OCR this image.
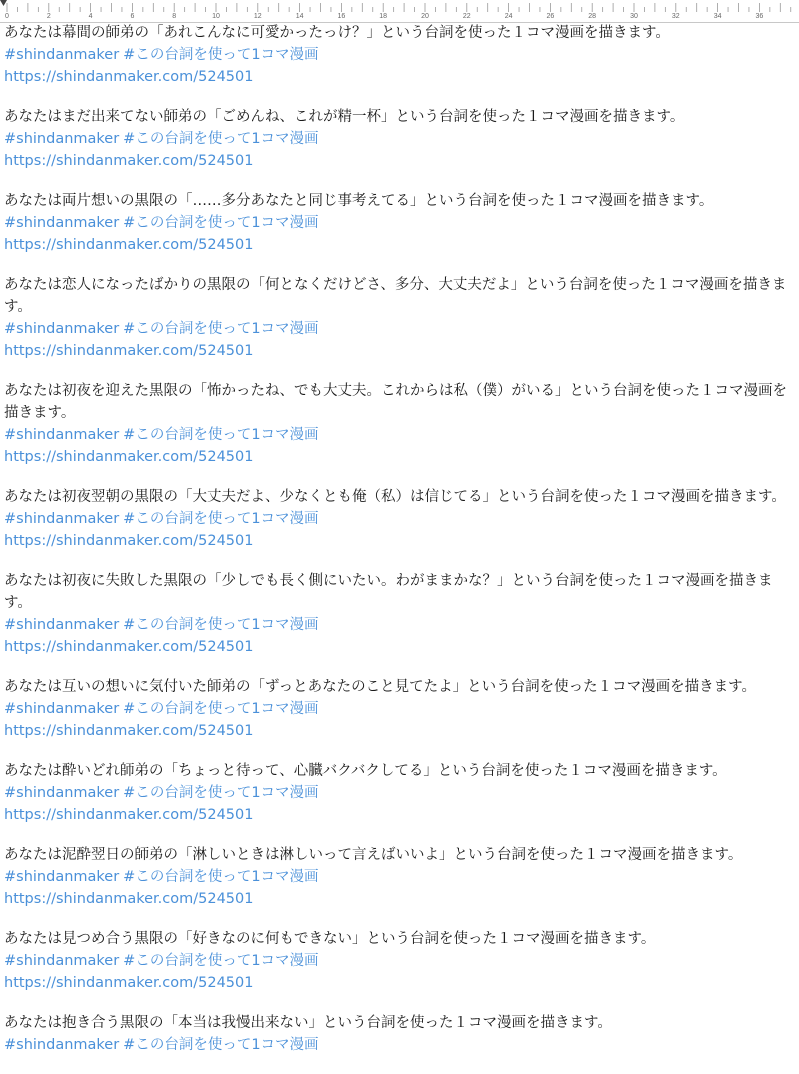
0	2	4	6	8	10	12	14	16	18	20	22	24	26	28	30	32	34	36

あなたは幕間の師弟の「あれこんなに可愛かったっけ？」という台詞を使った１コマ漫画を描きます。

#shindanmaker #この台詞を使って1コマ漫画

https://shindanmaker.com/524501

あなたはまだ出来てない師弟の「ごめんね、これが精一杯」という台詞を使った１コマ漫画を描きます。

#shindanmaker #この台詞を使って1コマ漫画

https://shindanmaker.com/524501

あなたは両片想いの黒限の「……多分あなたと同じ事考えてる」という台詞を使った１コマ漫画を描きます。

#shindanmaker #この台詞を使って1コマ漫画

https://shindanmaker.com/524501

あなたは恋人になったばかりの黒限の「何となくだけどさ、多分、大丈夫だよ」という台詞を使った１コマ漫画を描きます。

#shindanmaker #この台詞を使って1コマ漫画

https://shindanmaker.com/524501

あなたは初夜を迎えた黒限の「怖かったね、でも大丈夫。これからは私（僕）がいる」という台詞を使った１コマ漫画を描きます。

#shindanmaker #この台詞を使って1コマ漫画

https://shindanmaker.com/524501

あなたは初夜翌朝の黒限の「大丈夫だよ、少なくとも俺（私）は信じてる」という台詞を使った１コマ漫画を描きます。

#shindanmaker #この台詞を使って1コマ漫画

https://shindanmaker.com/524501

あなたは初夜に失敗した黒限の「少しでも長く側にいたい。わがままかな？」という台詞を使った１コマ漫画を描きます。

#shindanmaker #この台詞を使って1コマ漫画

https://shindanmaker.com/524501

あなたは互いの想いに気付いた師弟の「ずっとあなたのこと見てたよ」という台詞を使った１コマ漫画を描きます。

#shindanmaker #この台詞を使って1コマ漫画

https://shindanmaker.com/524501

あなたは酔いどれ師弟の「ちょっと待って、心臓バクバクしてる」という台詞を使った１コマ漫画を描きます。

#shindanmaker #この台詞を使って1コマ漫画

https://shindanmaker.com/524501

あなたは泥酔翌日の師弟の「淋しいときは淋しいって言えばいいよ」という台詞を使った１コマ漫画を描きます。

#shindanmaker #この台詞を使って1コマ漫画

https://shindanmaker.com/524501

あなたは見つめ合う黒限の「好きなのに何もできない」という台詞を使った１コマ漫画を描きます。

#shindanmaker #この台詞を使って1コマ漫画

https://shindanmaker.com/524501

あなたは抱き合う黒限の「本当は我慢出来ない」という台詞を使った１コマ漫画を描きます。

#shindanmaker #この台詞を使って1コマ漫画
